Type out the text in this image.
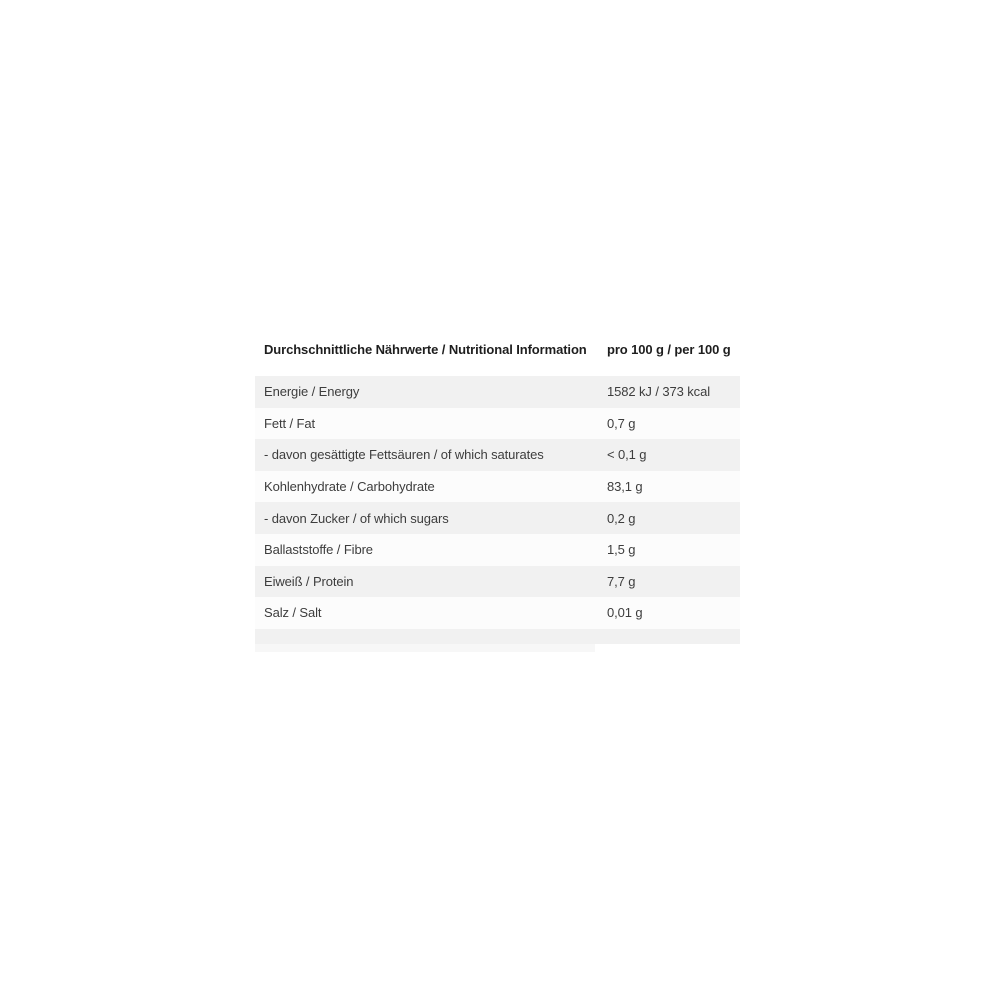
Durchschnittliche Nährwerte / Nutritional Information	pro 100 g / per 100 g
Energie / Energy	1582 kJ / 373 kcal
Fett / Fat	0,7 g
- davon gesättigte Fettsäuren / of which saturates	< 0,1 g
Kohlenhydrate / Carbohydrate	83,1 g
- davon Zucker / of which sugars	0,2 g
Ballaststoffe / Fibre	1,5 g
Eiweiß / Protein	7,7 g
Salz / Salt	0,01 g
